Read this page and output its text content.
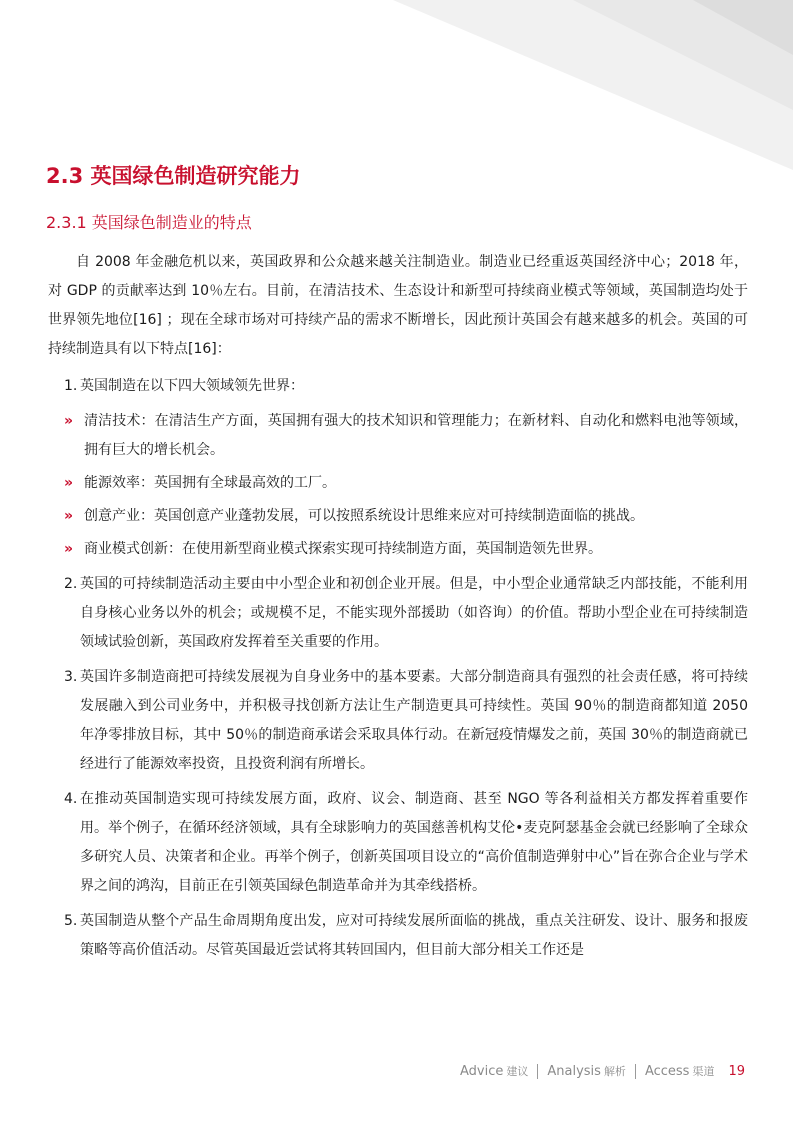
2.3 英国绿色制造研究能力
2.3.1 英国绿色制造业的特点

自 2008 年金融危机以来，英国政界和公众越来越关注制造业。制造业已经重返英国经济中心；2018 年，对 GDP 的贡献率达到 10％左右。目前，在清洁技术、生态设计和新型可持续商业模式等领域，英国制造均处于世界领先地位[16] ；现在全球市场对可持续产品的需求不断增长，因此预计英国会有越来越多的机会。英国的可持续制造具有以下特点[16]：

1. 英国制造在以下四大领域领先世界：
» 清洁技术：在清洁生产方面，英国拥有强大的技术知识和管理能力；在新材料、自动化和燃料电池等领域，拥有巨大的增长机会。
» 能源效率：英国拥有全球最高效的工厂。
» 创意产业：英国创意产业蓬勃发展，可以按照系统设计思维来应对可持续制造面临的挑战。
» 商业模式创新：在使用新型商业模式探索实现可持续制造方面，英国制造领先世界。
2. 英国的可持续制造活动主要由中小型企业和初创企业开展。但是，中小型企业通常缺乏内部技能，不能利用自身核心业务以外的机会；或规模不足，不能实现外部援助（如咨询）的价值。帮助小型企业在可持续制造领域试验创新，英国政府发挥着至关重要的作用。
3. 英国许多制造商把可持续发展视为自身业务中的基本要素。大部分制造商具有强烈的社会责任感，将可持续发展融入到公司业务中，并积极寻找创新方法让生产制造更具可持续性。英国 90％的制造商都知道 2050 年净零排放目标，其中 50％的制造商承诺会采取具体行动。在新冠疫情爆发之前，英国 30％的制造商就已经进行了能源效率投资，且投资利润有所增长。
4. 在推动英国制造实现可持续发展方面，政府、议会、制造商、甚至 NGO 等各利益相关方都发挥着重要作用。举个例子，在循环经济领域，具有全球影响力的英国慈善机构艾伦•麦克阿瑟基金会就已经影响了全球众多研究人员、决策者和企业。再举个例子，创新英国项目设立的“高价值制造弹射中心”旨在弥合企业与学术界之间的鸿沟，目前正在引领英国绿色制造革命并为其牵线搭桥。
5. 英国制造从整个产品生命周期角度出发，应对可持续发展所面临的挑战，重点关注研发、设计、服务和报废策略等高价值活动。尽管英国最近尝试将其转回国内，但目前大部分相关工作还是
Advice 建议 Analysis 解析 Access 渠道 19
